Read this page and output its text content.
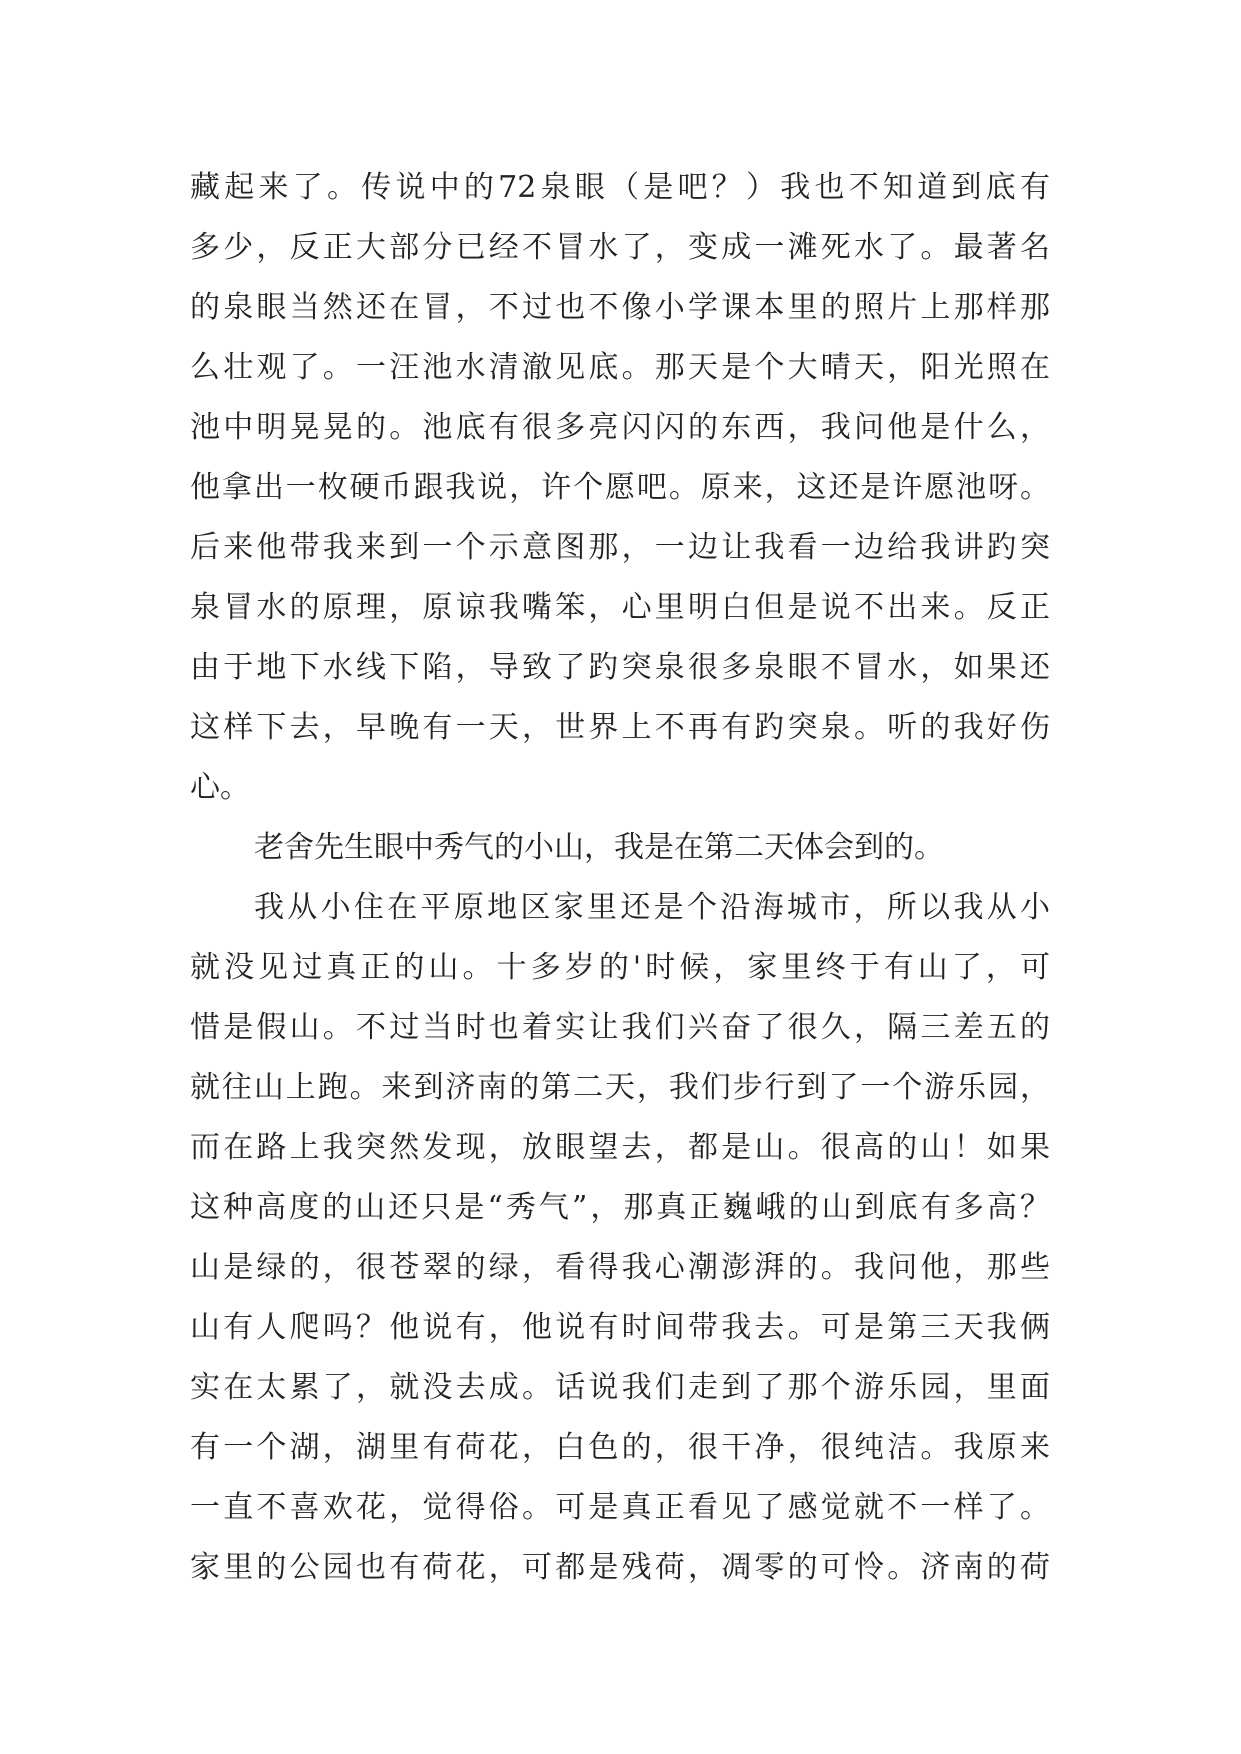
藏起来了。传说中的72泉眼（是吧？）我也不知道到底有
多少，反正大部分已经不冒水了，变成一滩死水了。最著名
的泉眼当然还在冒，不过也不像小学课本里的照片上那样那
么壮观了。一汪池水清澈见底。那天是个大晴天，阳光照在
池中明晃晃的。池底有很多亮闪闪的东西，我问他是什么，
他拿出一枚硬币跟我说，许个愿吧。原来，这还是许愿池呀。
后来他带我来到一个示意图那，一边让我看一边给我讲趵突
泉冒水的原理，原谅我嘴笨，心里明白但是说不出来。反正
由于地下水线下陷，导致了趵突泉很多泉眼不冒水，如果还
这样下去，早晚有一天，世界上不再有趵突泉。听的我好伤
心。
老舍先生眼中秀气的小山，我是在第二天体会到的。
我从小住在平原地区家里还是个沿海城市，所以我从小
就没见过真正的山。十多岁的'时候，家里终于有山了，可
惜是假山。不过当时也着实让我们兴奋了很久，隔三差五的
就往山上跑。来到济南的第二天，我们步行到了一个游乐园，
而在路上我突然发现，放眼望去，都是山。很高的山！如果
这种高度的山还只是“秀气”，那真正巍峨的山到底有多高？
山是绿的，很苍翠的绿，看得我心潮澎湃的。我问他，那些
山有人爬吗？他说有，他说有时间带我去。可是第三天我俩
实在太累了，就没去成。话说我们走到了那个游乐园，里面
有一个湖，湖里有荷花，白色的，很干净，很纯洁。我原来
一直不喜欢花，觉得俗。可是真正看见了感觉就不一样了。
家里的公园也有荷花，可都是残荷，凋零的可怜。济南的荷
